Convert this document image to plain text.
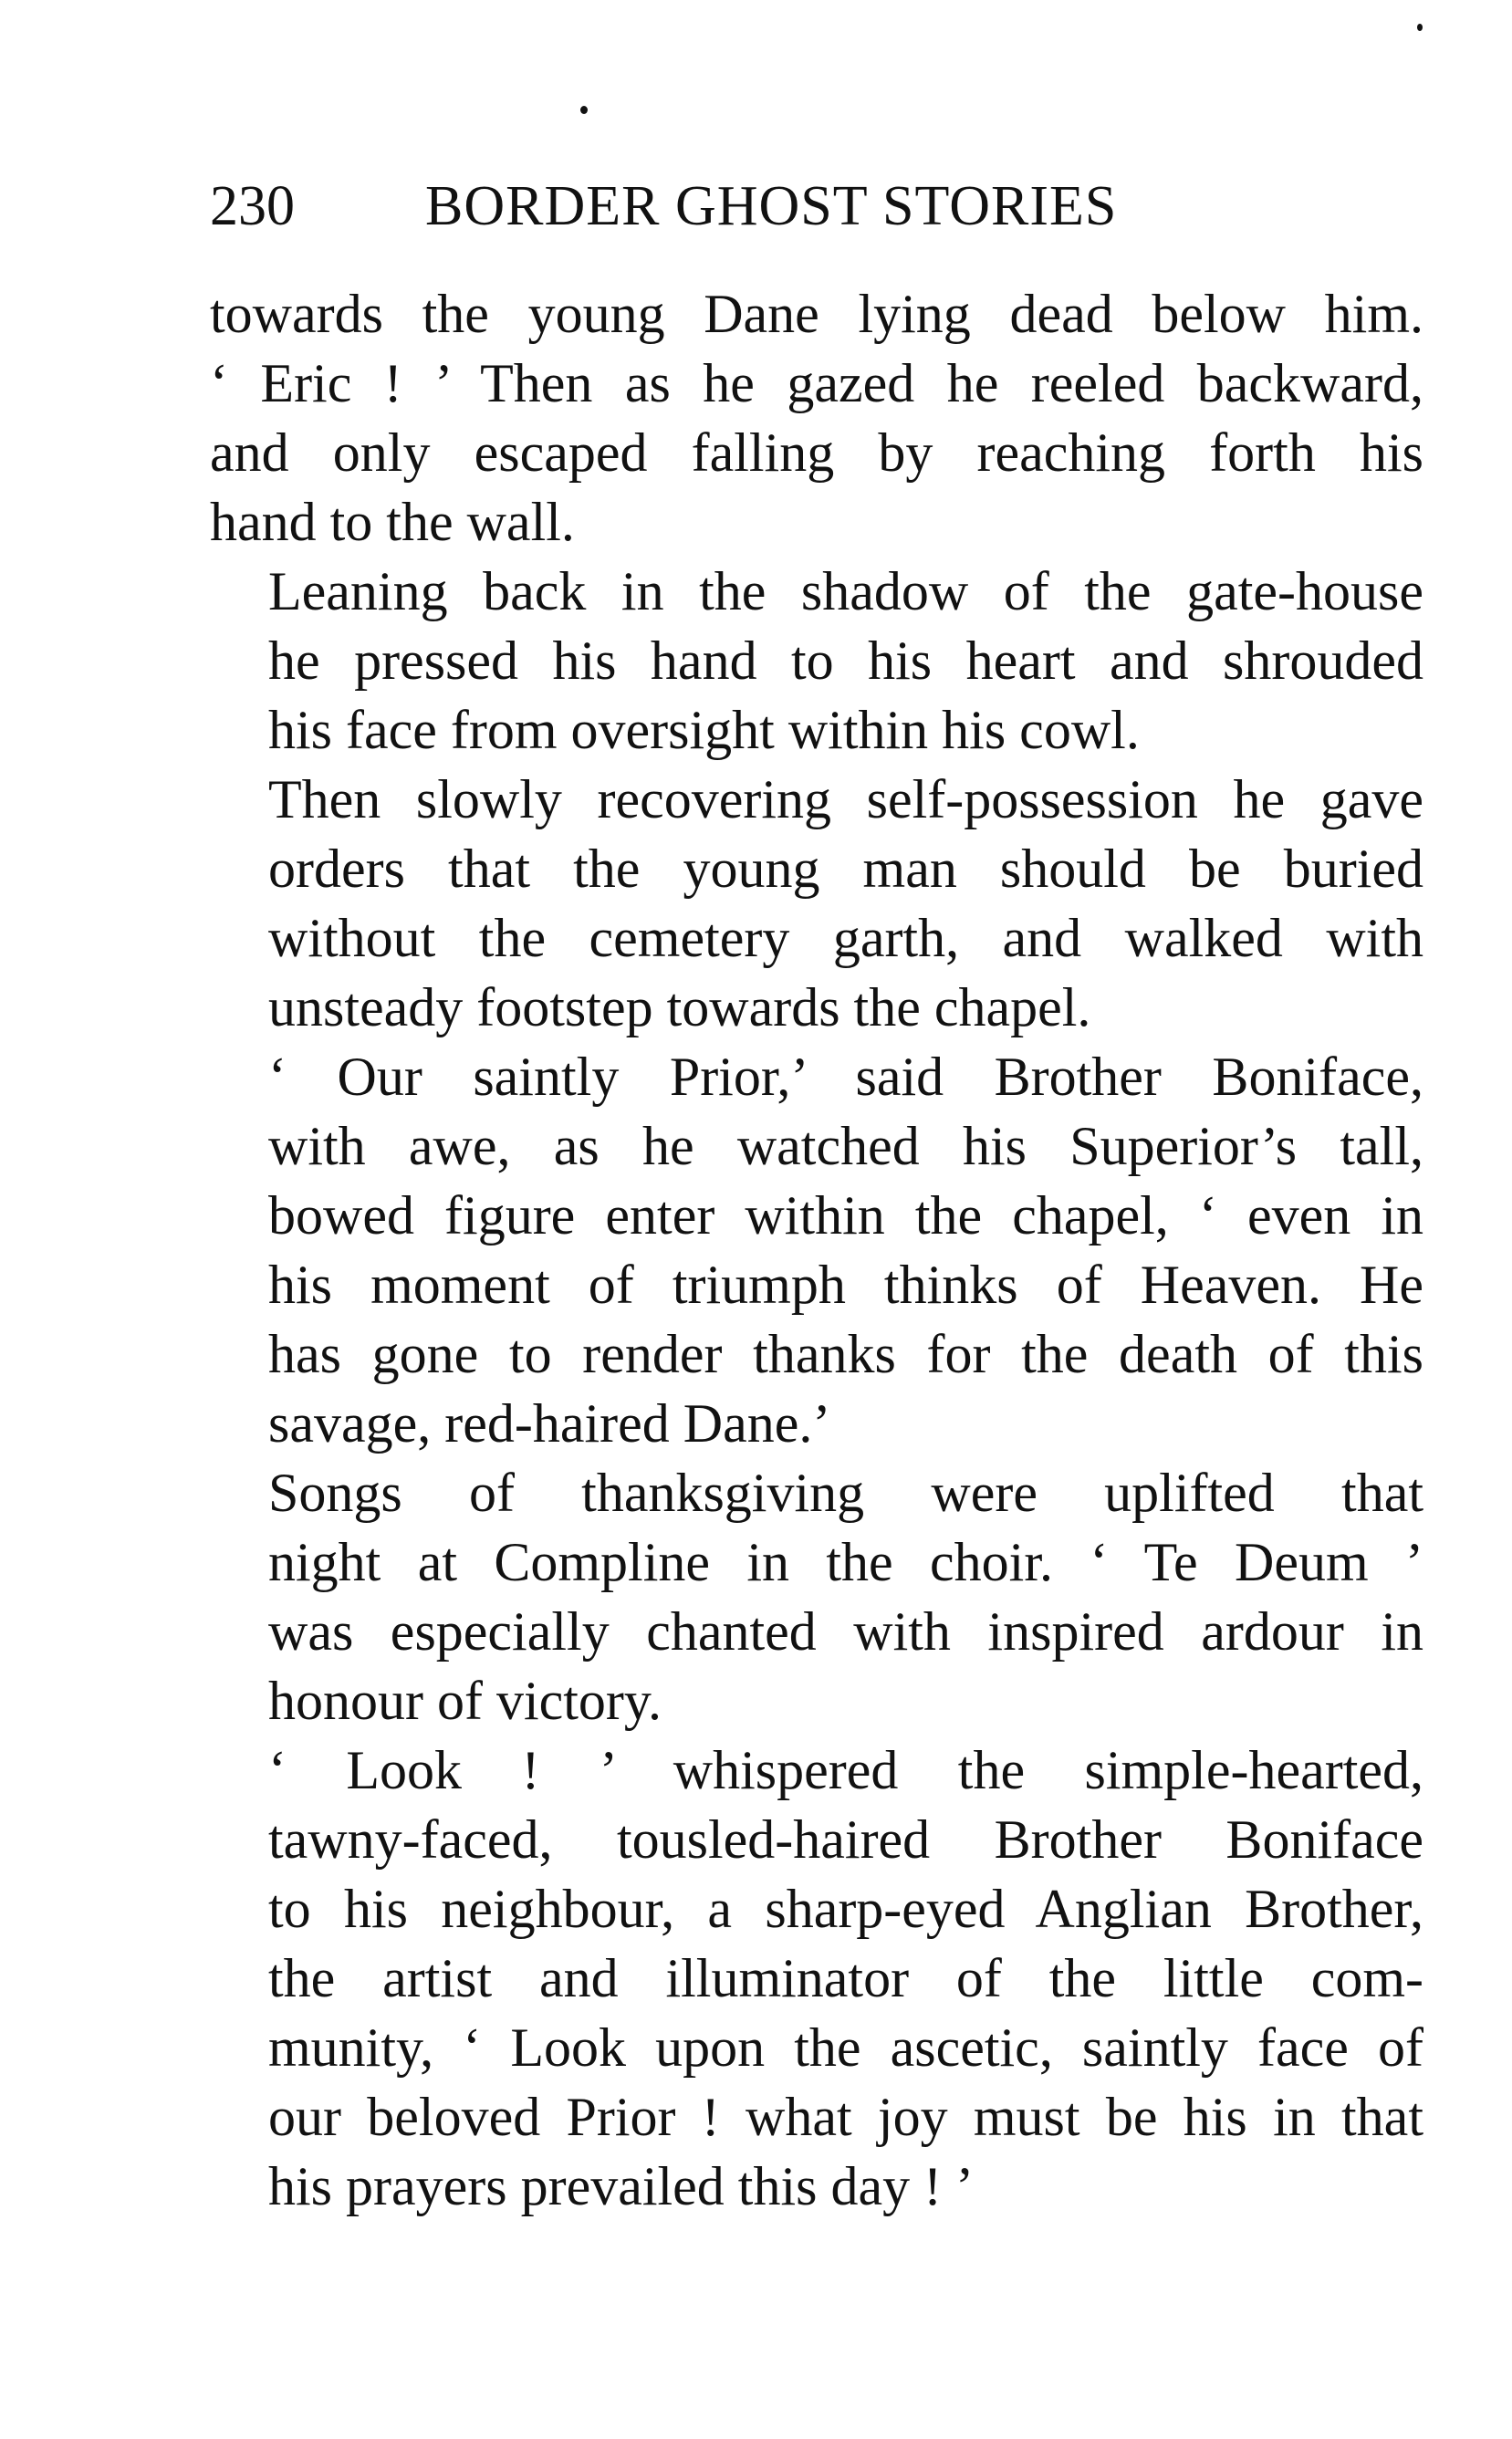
230 BORDER GHOST STORIES

towards the young Dane lying dead below him.
‘ Eric ! ’ Then as he gazed he reeled backward,
and only escaped falling by reaching forth his
hand to the wall.

Leaning back in the shadow of the gate-house
he pressed his hand to his heart and shrouded
his face from oversight within his cowl.

Then slowly recovering self-possession he gave
orders that the young man should be buried
without the cemetery garth, and walked with
unsteady footstep towards the chapel.

‘ Our saintly Prior,’ said Brother Boniface,
with awe, as he watched his Superior’s tall,
bowed figure enter within the chapel, ‘ even in
his moment of triumph thinks of Heaven. He
has gone to render thanks for the death of this
savage, red-haired Dane.’

Songs of thanksgiving were uplifted that
night at Compline in the choir. ‘ Te Deum ’
was especially chanted with inspired ardour in
honour of victory.

‘ Look ! ’ whispered the simple-hearted,
tawny-faced, tousled-haired Brother Boniface
to his neighbour, a sharp-eyed Anglian Brother,
the artist and illuminator of the little com-
munity, ‘ Look upon the ascetic, saintly face of
our beloved Prior ! what joy must be his in that
his prayers prevailed this day ! ’
